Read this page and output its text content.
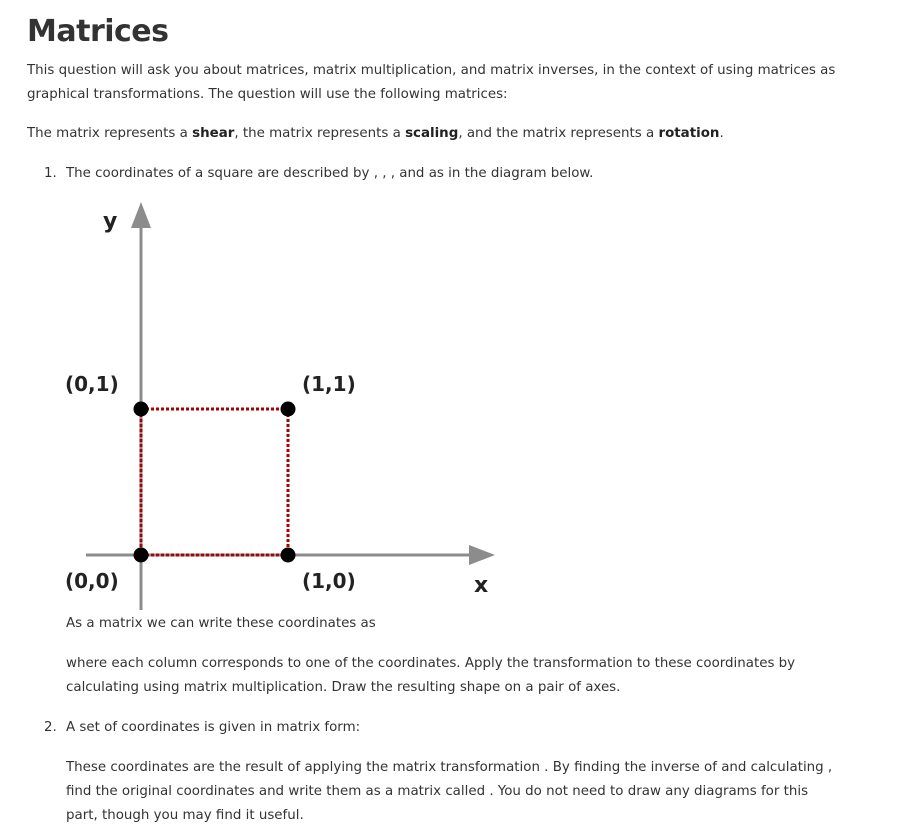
Matrices

This question will ask you about matrices, matrix multiplication, and matrix inverses, in the context of using matrices as

graphical transformations. The question will use the following matrices:

The matrix represents a shear, the matrix represents a scaling, and the matrix represents a rotation.

1. The coordinates of a square are described by , , , and as in the diagram below.

y
x
(0,1)	(1,1)
(0,0)	(1,0)

As a matrix we can write these coordinates as

where each column corresponds to one of the coordinates. Apply the transformation to these coordinates by

calculating using matrix multiplication. Draw the resulting shape on a pair of axes.

2. A set of coordinates is given in matrix form:

These coordinates are the result of applying the matrix transformation . By finding the inverse of and calculating ,

find the original coordinates and write them as a matrix called . You do not need to draw any diagrams for this

part, though you may find it useful.
